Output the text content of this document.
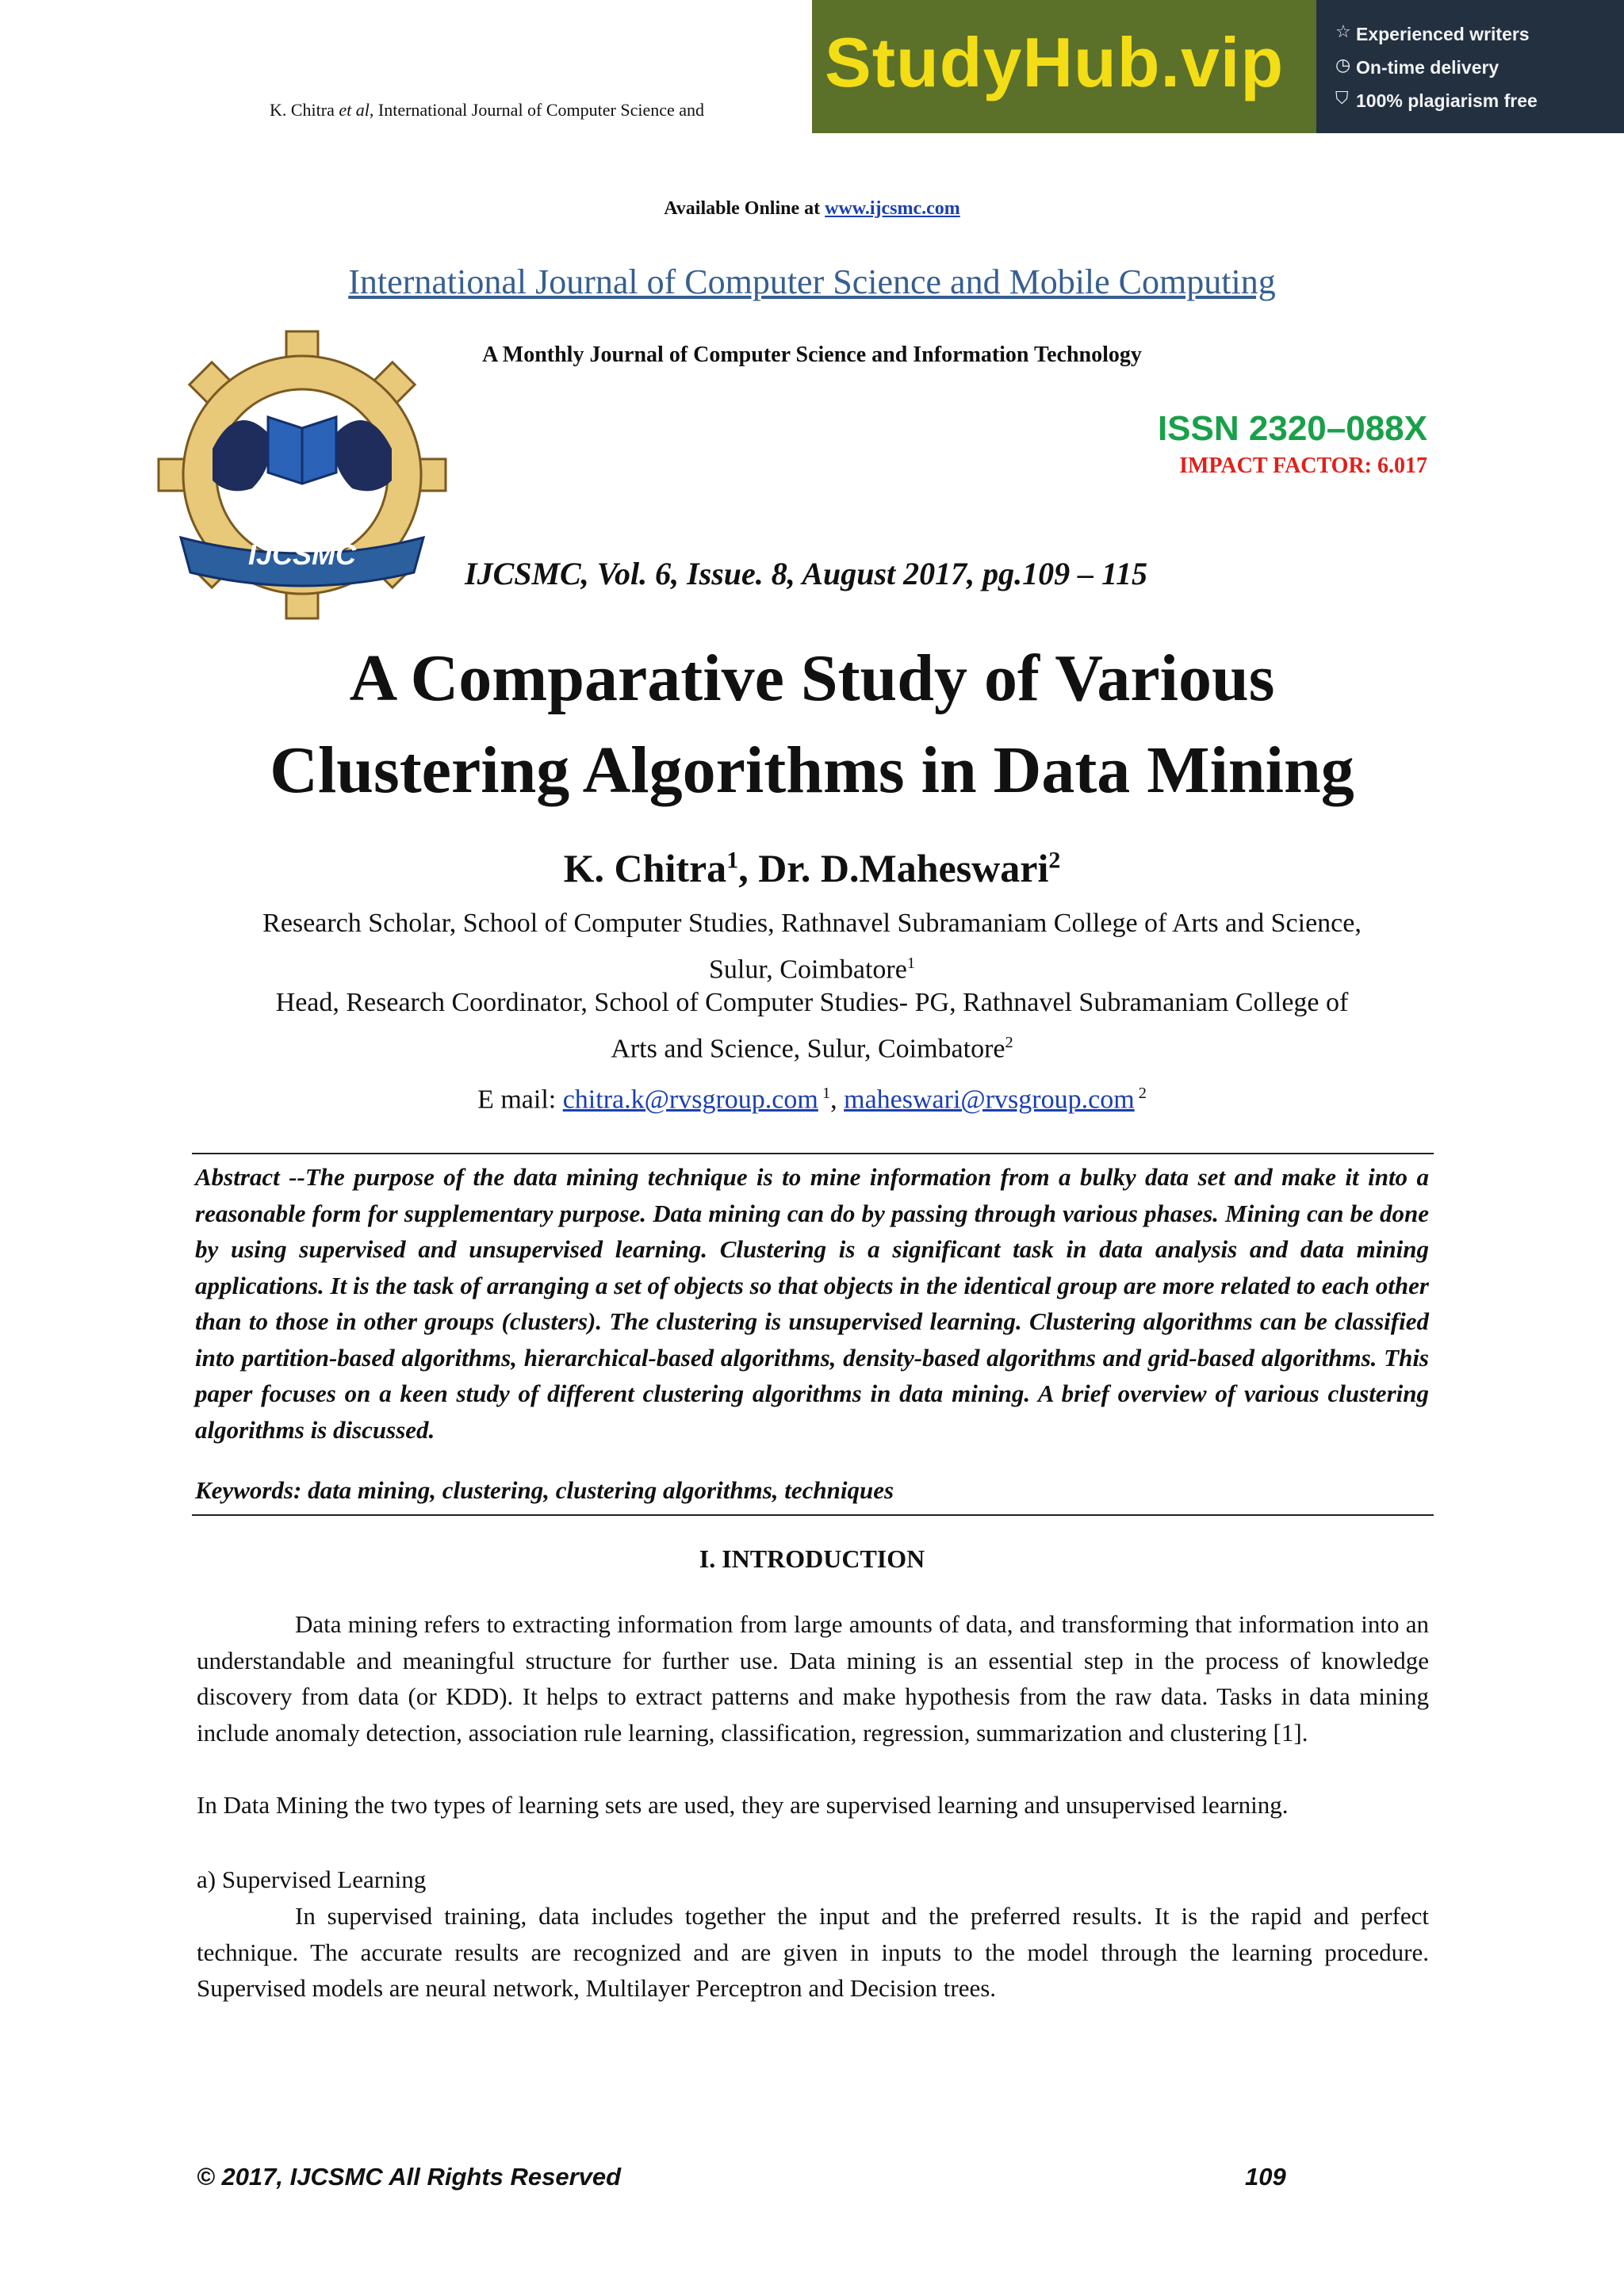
K. Chitra et al, International Journal of Computer Science and
StudyHub.vip	☆ Experienced writers
◷ On-time delivery
⛉ 100% plagiarism free
Available Online at www.ijcsmc.com
International Journal of Computer Science and Mobile Computing
A Monthly Journal of Computer Science and Information Technology
IJCSMC
ISSN 2320–088X
IMPACT FACTOR: 6.017
IJCSMC, Vol. 6, Issue. 8, August 2017, pg.109 – 115
A Comparative Study of Various
Clustering Algorithms in Data Mining
K. Chitra$^1$, Dr. D.Maheswari$^2$
Research Scholar, School of Computer Studies, Rathnavel Subramaniam College of Arts and Science,
Sulur, Coimbatore$^1$
Head, Research Coordinator, School of Computer Studies- PG, Rathnavel Subramaniam College of
Arts and Science, Sulur, Coimbatore$^2$
E mail: chitra.k@rvsgroup.com $^1$, maheswari@rvsgroup.com $^2$
Abstract --The purpose of the data mining technique is to mine information from a bulky data set and make it into a reasonable form for supplementary purpose. Data mining can do by passing through various phases. Mining can be done by using supervised and unsupervised learning. Clustering is a significant task in data analysis and data mining applications. It is the task of arranging a set of objects so that objects in the identical group are more related to each other than to those in other groups (clusters). The clustering is unsupervised learning. Clustering algorithms can be classified into partition-based algorithms, hierarchical-based algorithms, density-based algorithms and grid-based algorithms. This paper focuses on a keen study of different clustering algorithms in data mining. A brief overview of various clustering algorithms is discussed.
Keywords: data mining, clustering, clustering algorithms, techniques
I. INTRODUCTION
Data mining refers to extracting information from large amounts of data, and transforming that information into an understandable and meaningful structure for further use. Data mining is an essential step in the process of knowledge discovery from data (or KDD). It helps to extract patterns and make hypothesis from the raw data. Tasks in data mining include anomaly detection, association rule learning, classification, regression, summarization and clustering [1].
In Data Mining the two types of learning sets are used, they are supervised learning and unsupervised learning.
a) Supervised Learning
In supervised training, data includes together the input and the preferred results. It is the rapid and perfect technique. The accurate results are recognized and are given in inputs to the model through the learning procedure. Supervised models are neural network, Multilayer Perceptron and Decision trees.
© 2017, IJCSMC All Rights Reserved	109
